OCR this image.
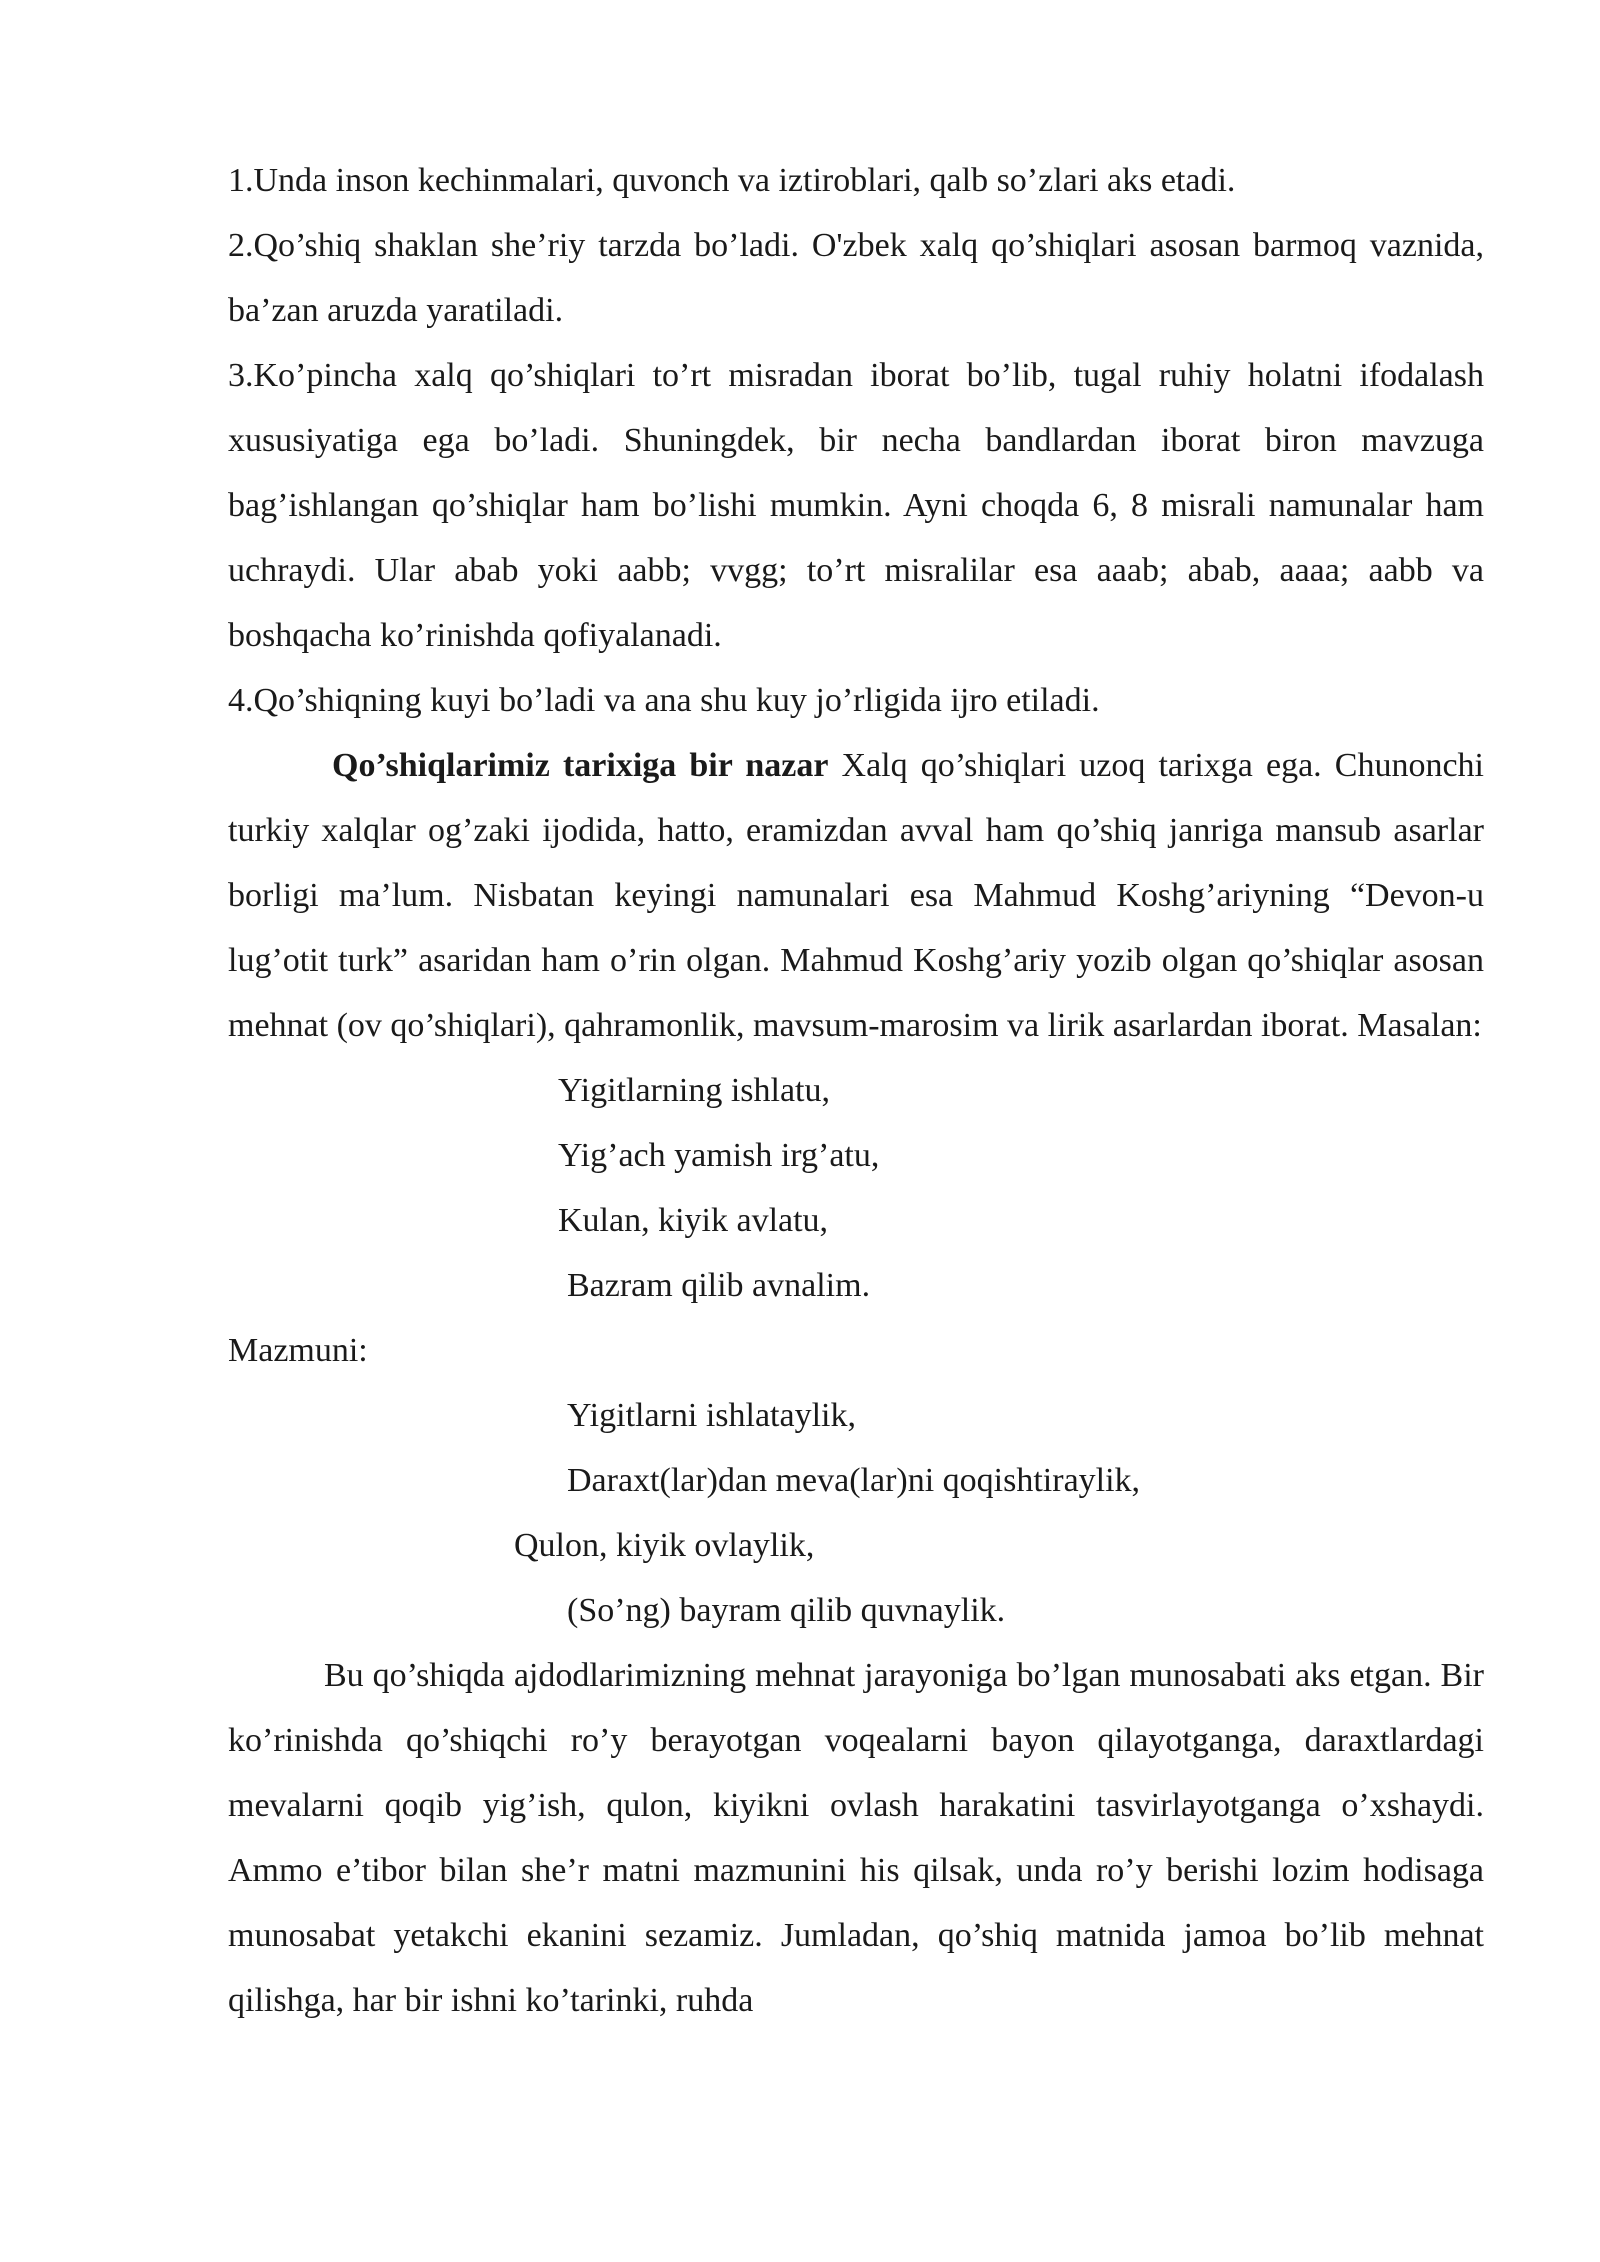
1.Unda inson kechinmalari, quvonch va iztiroblari, qalb so’zlari aks etadi.

2.Qo’shiq shaklan she’riy tarzda bo’ladi. O'zbek xalq qo’shiqlari asosan barmoq vaznida, ba’zan aruzda yaratiladi.

3.Ko’pincha xalq qo’shiqlari to’rt misradan iborat bo’lib, tugal ruhiy holatni ifodalash xususiyatiga ega bo’ladi. Shuningdek, bir necha bandlardan iborat biron mavzuga bag’ishlangan qo’shiqlar ham bo’lishi mumkin. Ayni choqda 6, 8 misrali namunalar ham uchraydi. Ular abab yoki aabb; vvgg; to’rt misralilar esa aaab; abab, aaaa; aabb va boshqacha ko’rinishda qofiyalanadi.

4.Qo’shiqning kuyi bo’ladi va ana shu kuy jo’rligida ijro etiladi.

Qo’shiqlarimiz tarixiga bir nazar Xalq qo’shiqlari uzoq tarixga ega. Chunonchi turkiy xalqlar og’zaki ijodida, hatto, eramizdan avval ham qo’shiq janriga mansub asarlar borligi ma’lum. Nisbatan keyingi namunalari esa Mahmud Koshg’ariyning “Devon-u lug’otit turk” asaridan ham o’rin olgan. Mahmud Koshg’ariy yozib olgan qo’shiqlar asosan mehnat (ov qo’shiqlari), qahramonlik, mavsum-marosim va lirik asarlardan iborat. Masalan:

Yigitlarning ishlatu,

Yig’ach yamish irg’atu,

Kulan, kiyik avlatu,

Bazram qilib avnalim.

Mazmuni:

Yigitlarni ishlataylik,

Daraxt(lar)dan meva(lar)ni qoqishtiraylik,

Qulon, kiyik ovlaylik,

(So’ng) bayram qilib quvnaylik.

Bu qo’shiqda ajdodlarimizning mehnat jarayoniga bo’lgan munosabati aks etgan. Bir ko’rinishda qo’shiqchi ro’y berayotgan voqealarni bayon qilayotganga, daraxtlardagi mevalarni qoqib yig’ish, qulon, kiyikni ovlash harakatini tasvirlayotganga o’xshaydi. Ammo e’tibor bilan she’r matni mazmunini his qilsak, unda ro’y berishi lozim hodisaga munosabat yetakchi ekanini sezamiz. Jumladan, qo’shiq matnida jamoa bo’lib mehnat qilishga, har bir ishni ko’tarinki, ruhda
